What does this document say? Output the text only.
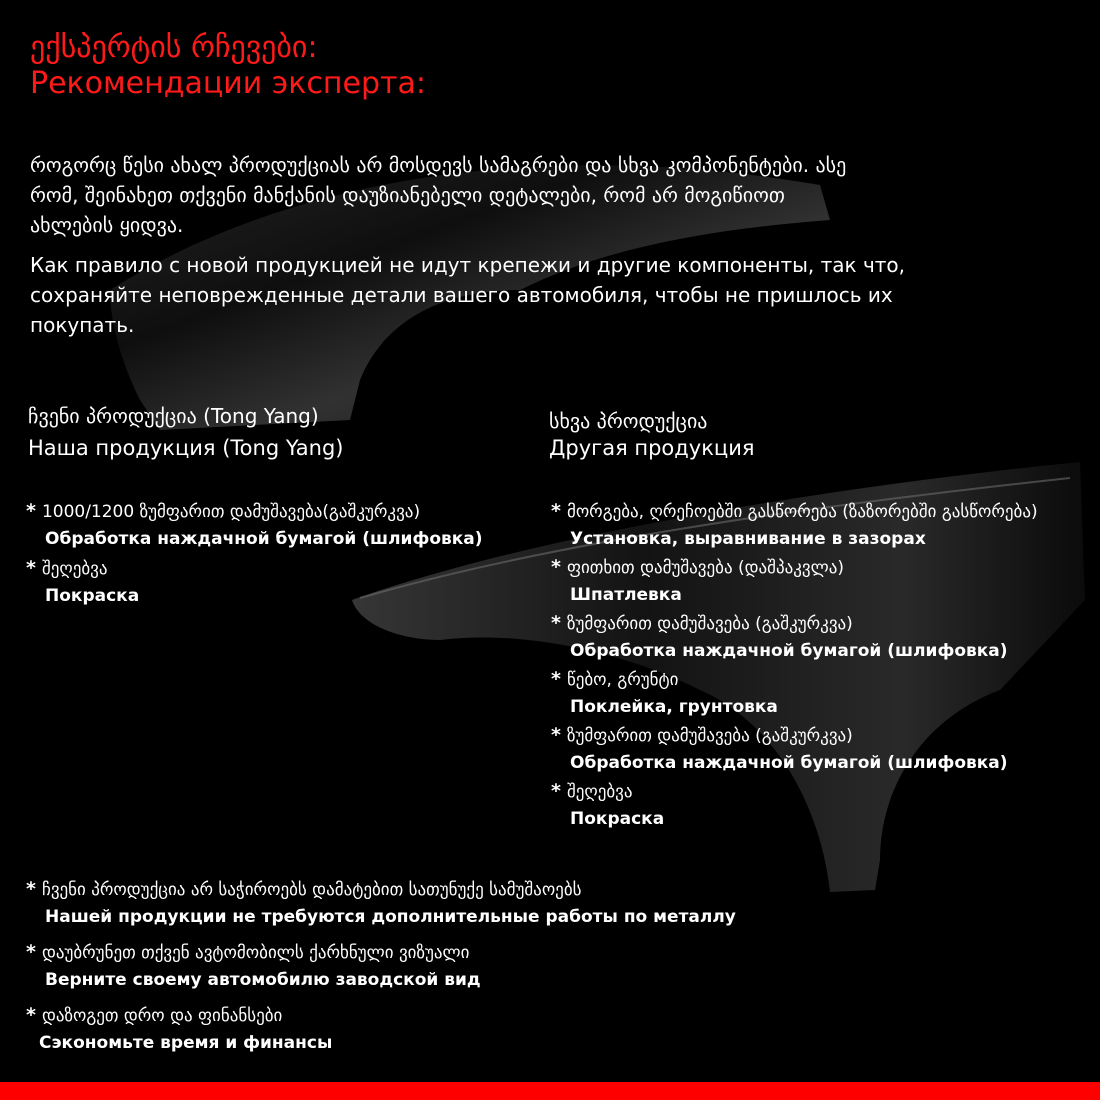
ექსპერტის რჩევები:
Рекомендации эксперта:
როგორც წესი ახალ პროდუქციას არ მოსდევს სამაგრები და სხვა კომპონენტები. ასე
რომ, შეინახეთ თქვენი მანქანის დაუზიანებელი დეტალები, რომ არ მოგიწიოთ
ახლების ყიდვა.
Как правило с новой продукцией не идут крепежи и другие компоненты, так что,
сохраняйте неповрежденные детали вашего автомобиля, чтобы не пришлось их
покупать.
ჩვენი პროდუქცია (Tong Yang)
Наша продукция (Tong Yang)
* 1000/1200 ზუმფარით დამუშავება(გაშკურკვა)
Обработка наждачной бумагой (шлифовка)
* შეღებვა
Покраска
სხვა პროდუქცია
Другая продукция
* მორგება, ღრეჩოებში გასწორება (ზაზორებში გასწორება)
Установка, выравнивание в зазорах
* ფითხით დამუშავება (დაშპაკვლა)
Шпатлевка
* ზუმფარით დამუშავება (გაშკურკვა)
Обработка наждачной бумагой (шлифовка)
* წებო, გრუნტი
Поклейка, грунтовка
* ზუმფარით დამუშავება (გაშკურკვა)
Обработка наждачной бумагой (шлифовка)
* შეღებვა
Покраска
* ჩვენი პროდუქცია არ საჭიროებს დამატებით სათუნუქე სამუშაოებს
Нашей продукции не требуются дополнительные работы по металлу
* დაუბრუნეთ თქვენ ავტომობილს ქარხნული ვიზუალი
Верните своему автомобилю заводской вид
* დაზოგეთ დრო და ფინანსები
Сэкономьте время и финансы
